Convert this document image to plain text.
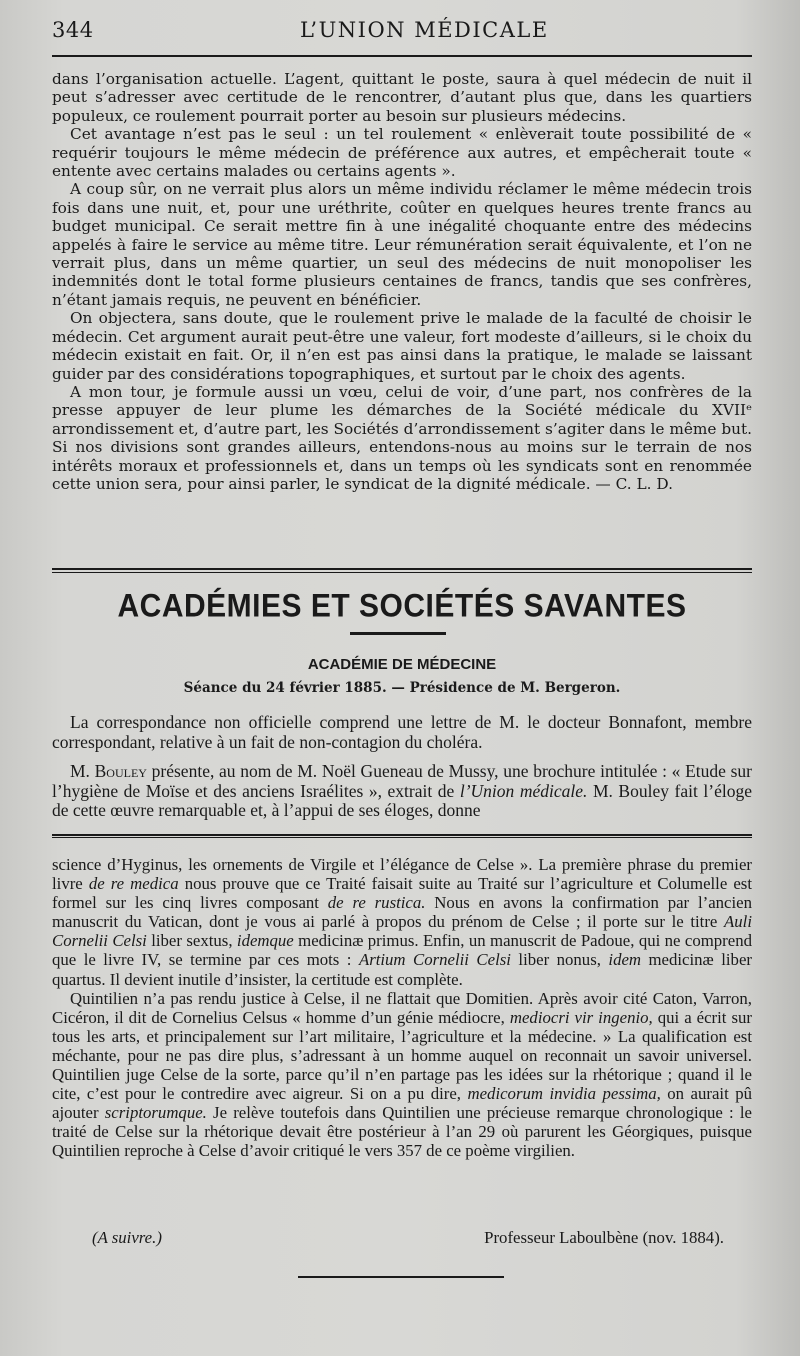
344	L’UNION MÉDICALE

dans l’organisation actuelle. L’agent, quittant le poste, saura à quel médecin de nuit il peut s’adresser avec certitude de le rencontrer, d’autant plus que, dans les quartiers populeux, ce roulement pourrait porter au besoin sur plusieurs médecins.

Cet avantage n’est pas le seul : un tel roulement « enlèverait toute possibilité de « requérir toujours le même médecin de préférence aux autres, et empêcherait toute « entente avec certains malades ou certains agents ».

A coup sûr, on ne verrait plus alors un même individu réclamer le même médecin trois fois dans une nuit, et, pour une uréthrite, coûter en quelques heures trente francs au budget municipal. Ce serait mettre fin à une inégalité choquante entre des médecins appelés à faire le service au même titre. Leur rémunération serait équivalente, et l’on ne verrait plus, dans un même quartier, un seul des médecins de nuit monopoliser les indemnités dont le total forme plusieurs centaines de francs, tandis que ses confrères, n’étant jamais requis, ne peuvent en bénéficier.

On objectera, sans doute, que le roulement prive le malade de la faculté de choisir le médecin. Cet argument aurait peut-être une valeur, fort modeste d’ailleurs, si le choix du médecin existait en fait. Or, il n’en est pas ainsi dans la pratique, le malade se laissant guider par des considérations topographiques, et surtout par le choix des agents.

A mon tour, je formule aussi un vœu, celui de voir, d’une part, nos confrères de la presse appuyer de leur plume les démarches de la Société médicale du XVIIᵉ arrondissement et, d’autre part, les Sociétés d’arrondissement s’agiter dans le même but. Si nos divisions sont grandes ailleurs, entendons-nous au moins sur le terrain de nos intérêts moraux et professionnels et, dans un temps où les syndicats sont en renommée cette union sera, pour ainsi parler, le syndicat de la dignité médicale. — C. L. D.

ACADÉMIES ET SOCIÉTÉS SAVANTES
ACADÉMIE DE MÉDECINE
Séance du 24 février 1885. — Présidence de M. Bergeron.

La correspondance non officielle comprend une lettre de M. le docteur Bonnafont, membre correspondant, relative à un fait de non-contagion du choléra.

M. Bouley présente, au nom de M. Noël Gueneau de Mussy, une brochure intitulée : « Etude sur l’hygiène de Moïse et des anciens Israélites », extrait de l’Union médicale. M. Bouley fait l’éloge de cette œuvre remarquable et, à l’appui de ses éloges, donne

science d’Hyginus, les ornements de Virgile et l’élégance de Celse ». La première phrase du premier livre de re medica nous prouve que ce Traité faisait suite au Traité sur l’agriculture et Columelle est formel sur les cinq livres composant de re rustica. Nous en avons la confirmation par l’ancien manuscrit du Vatican, dont je vous ai parlé à propos du prénom de Celse ; il porte sur le titre Auli Cornelii Celsi liber sextus, idemque medicinæ primus. Enfin, un manuscrit de Padoue, qui ne comprend que le livre IV, se termine par ces mots : Artium Cornelii Celsi liber nonus, idem medicinæ liber quartus. Il devient inutile d’insister, la certitude est complète.

Quintilien n’a pas rendu justice à Celse, il ne flattait que Domitien. Après avoir cité Caton, Varron, Cicéron, il dit de Cornelius Celsus « homme d’un génie médiocre, mediocri vir ingenio, qui a écrit sur tous les arts, et principalement sur l’art militaire, l’agriculture et la médecine. » La qualification est méchante, pour ne pas dire plus, s’adressant à un homme auquel on reconnait un savoir universel. Quintilien juge Celse de la sorte, parce qu’il n’en partage pas les idées sur la rhétorique ; quand il le cite, c’est pour le contredire avec aigreur. Si on a pu dire, medicorum invidia pessima, on aurait pû ajouter scriptorumque. Je relève toutefois dans Quintilien une précieuse remarque chronologique : le traité de Celse sur la rhétorique devait être postérieur à l’an 29 où parurent les Géorgiques, puisque Quintilien reproche à Celse d’avoir critiqué le vers 357 de ce poème virgilien.

(A suivre.)	Professeur Laboulbène (nov. 1884).
